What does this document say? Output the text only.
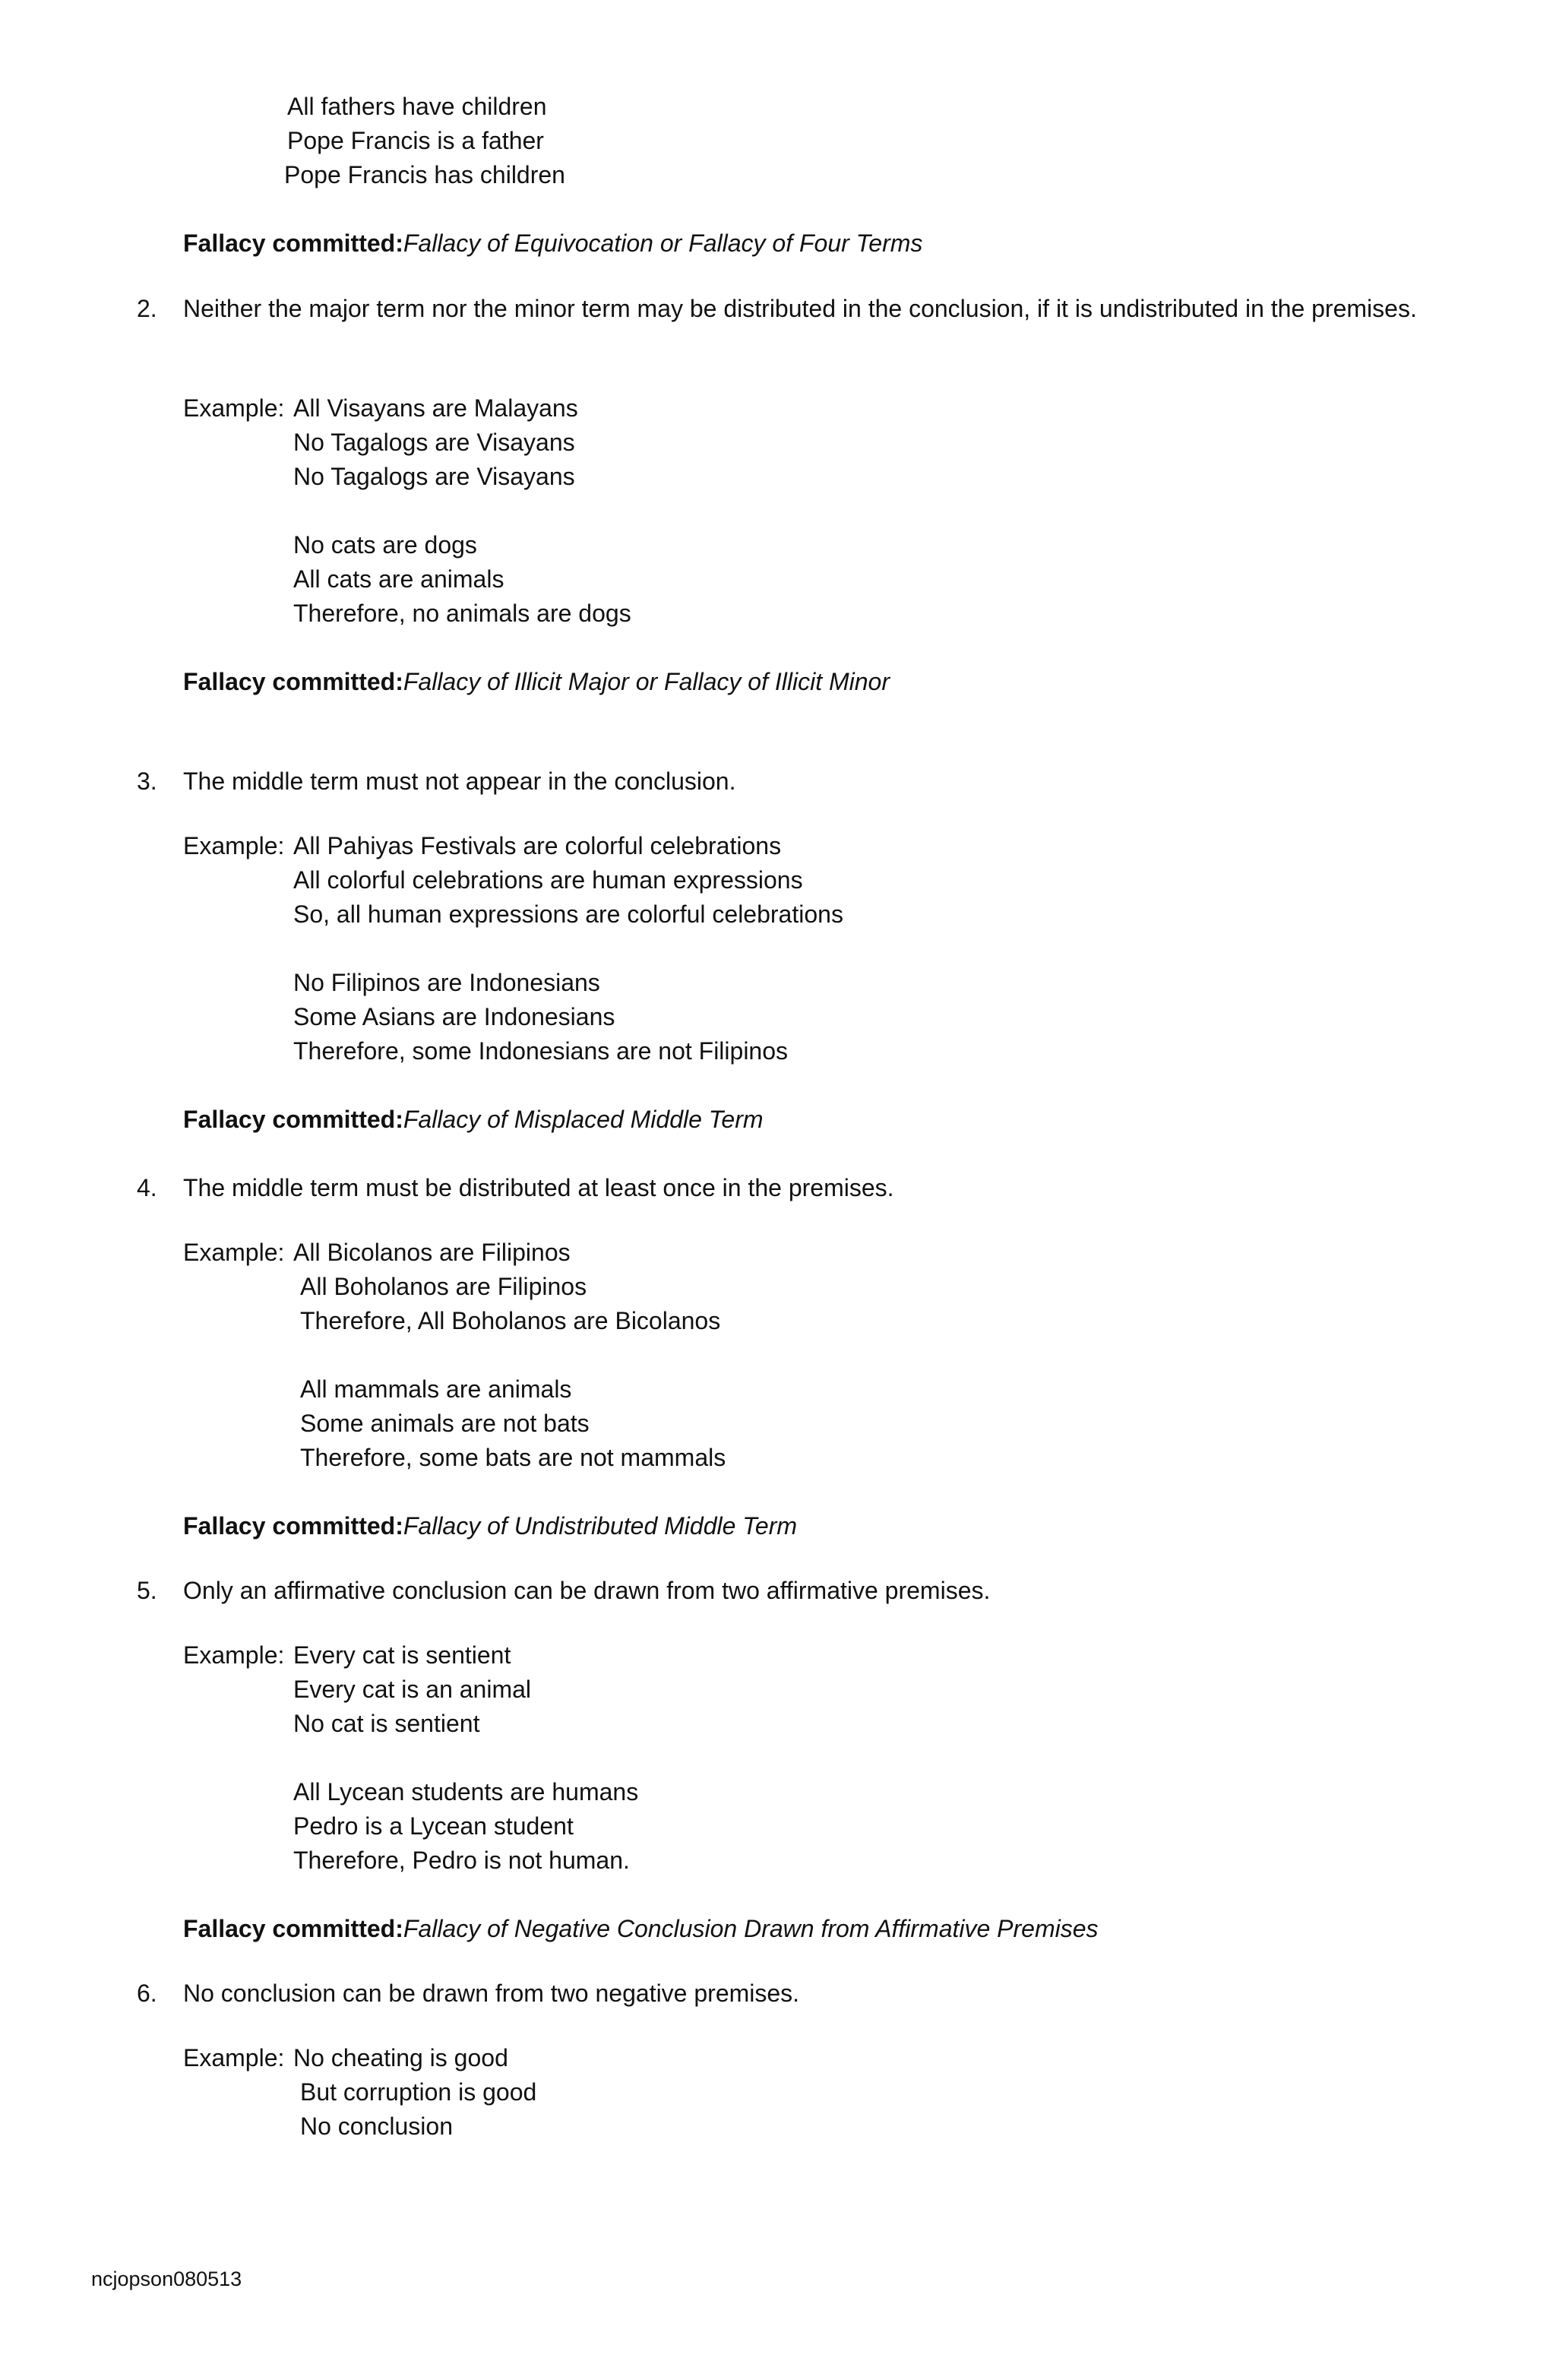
All fathers have children
Pope Francis is a father
Pope Francis has children
Fallacy committed:Fallacy of Equivocation or Fallacy of Four Terms
2. Neither the major term nor the minor term may be distributed in the conclusion, if it is undistributed in the premises.
Example: All Visayans are Malayans
No Tagalogs are Visayans
No Tagalogs are Visayans
No cats are dogs
All cats are animals
Therefore, no animals are dogs
Fallacy committed:Fallacy of Illicit Major or Fallacy of Illicit Minor
3. The middle term must not appear in the conclusion.
Example: All Pahiyas Festivals are colorful celebrations
All colorful celebrations are human expressions
So, all human expressions are colorful celebrations
No Filipinos are Indonesians
Some Asians are Indonesians
Therefore, some Indonesians are not Filipinos
Fallacy committed:Fallacy of Misplaced Middle Term
4. The middle term must be distributed at least once in the premises.
Example: All Bicolanos are Filipinos
All Boholanos are Filipinos
Therefore, All Boholanos are Bicolanos
All mammals are animals
Some animals are not bats
Therefore, some bats are not mammals
Fallacy committed:Fallacy of Undistributed Middle Term
5. Only an affirmative conclusion can be drawn from two affirmative premises.
Example: Every cat is sentient
Every cat is an animal
No cat is sentient
All Lycean students are humans
Pedro is a Lycean student
Therefore, Pedro is not human.
Fallacy committed:Fallacy of Negative Conclusion Drawn from Affirmative Premises
6. No conclusion can be drawn from two negative premises.
Example: No cheating is good
But corruption is good
No conclusion
ncjopson080513
